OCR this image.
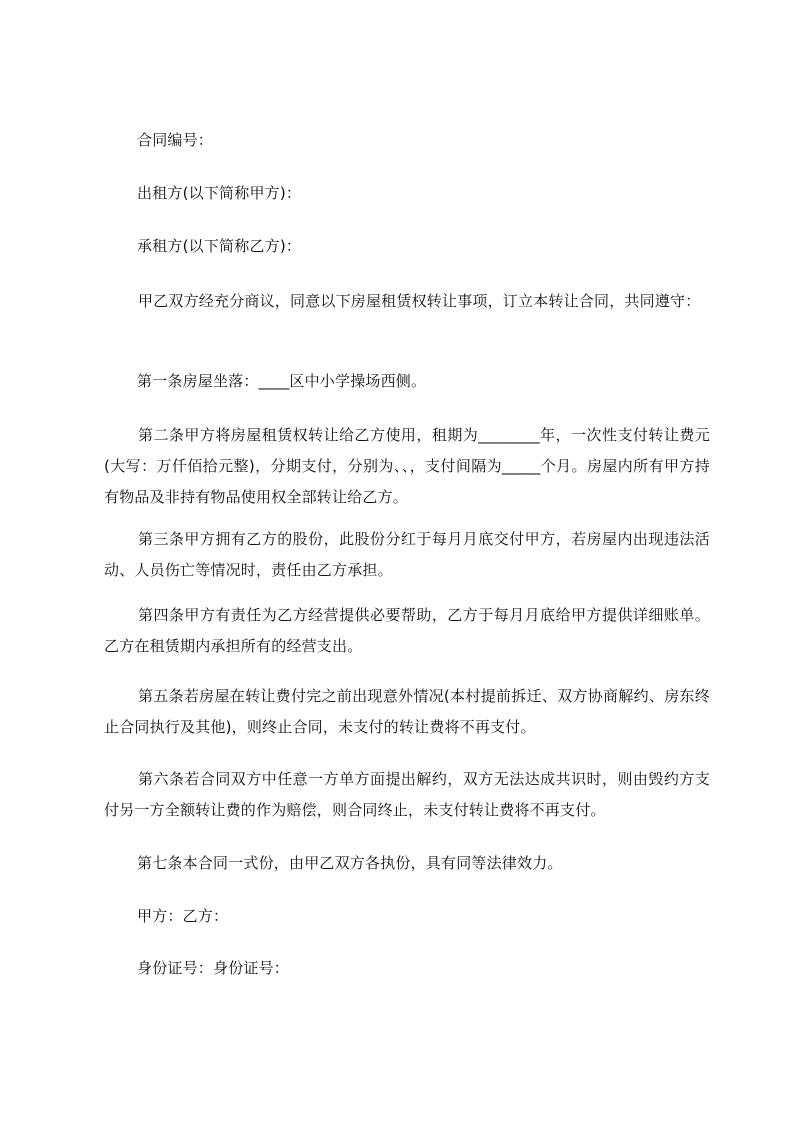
合同编号：
出租方(以下简称甲方)：
承租方(以下简称乙方)：
甲乙双方经充分商议，同意以下房屋租赁权转让事项，订立本转让合同，共同遵守：
第一条房屋坐落：____区中小学操场西侧。
第二条甲方将房屋租赁权转让给乙方使用，租期为________年，一次性支付转让费元(大写：万仟佰拾元整)，分期支付，分别为、、，支付间隔为_____个月。房屋内所有甲方持有物品及非持有物品使用权全部转让给乙方。
第三条甲方拥有乙方的股份，此股份分红于每月月底交付甲方，若房屋内出现违法活动、人员伤亡等情况时，责任由乙方承担。
第四条甲方有责任为乙方经营提供必要帮助，乙方于每月月底给甲方提供详细账单。乙方在租赁期内承担所有的经营支出。
第五条若房屋在转让费付完之前出现意外情况(本村提前拆迁、双方协商解约、房东终止合同执行及其他)，则终止合同，未支付的转让费将不再支付。
第六条若合同双方中任意一方单方面提出解约，双方无法达成共识时，则由毁约方支付另一方全额转让费的作为赔偿，则合同终止，未支付转让费将不再支付。
第七条本合同一式份，由甲乙双方各执份，具有同等法律效力。
甲方：乙方：
身份证号：身份证号：
